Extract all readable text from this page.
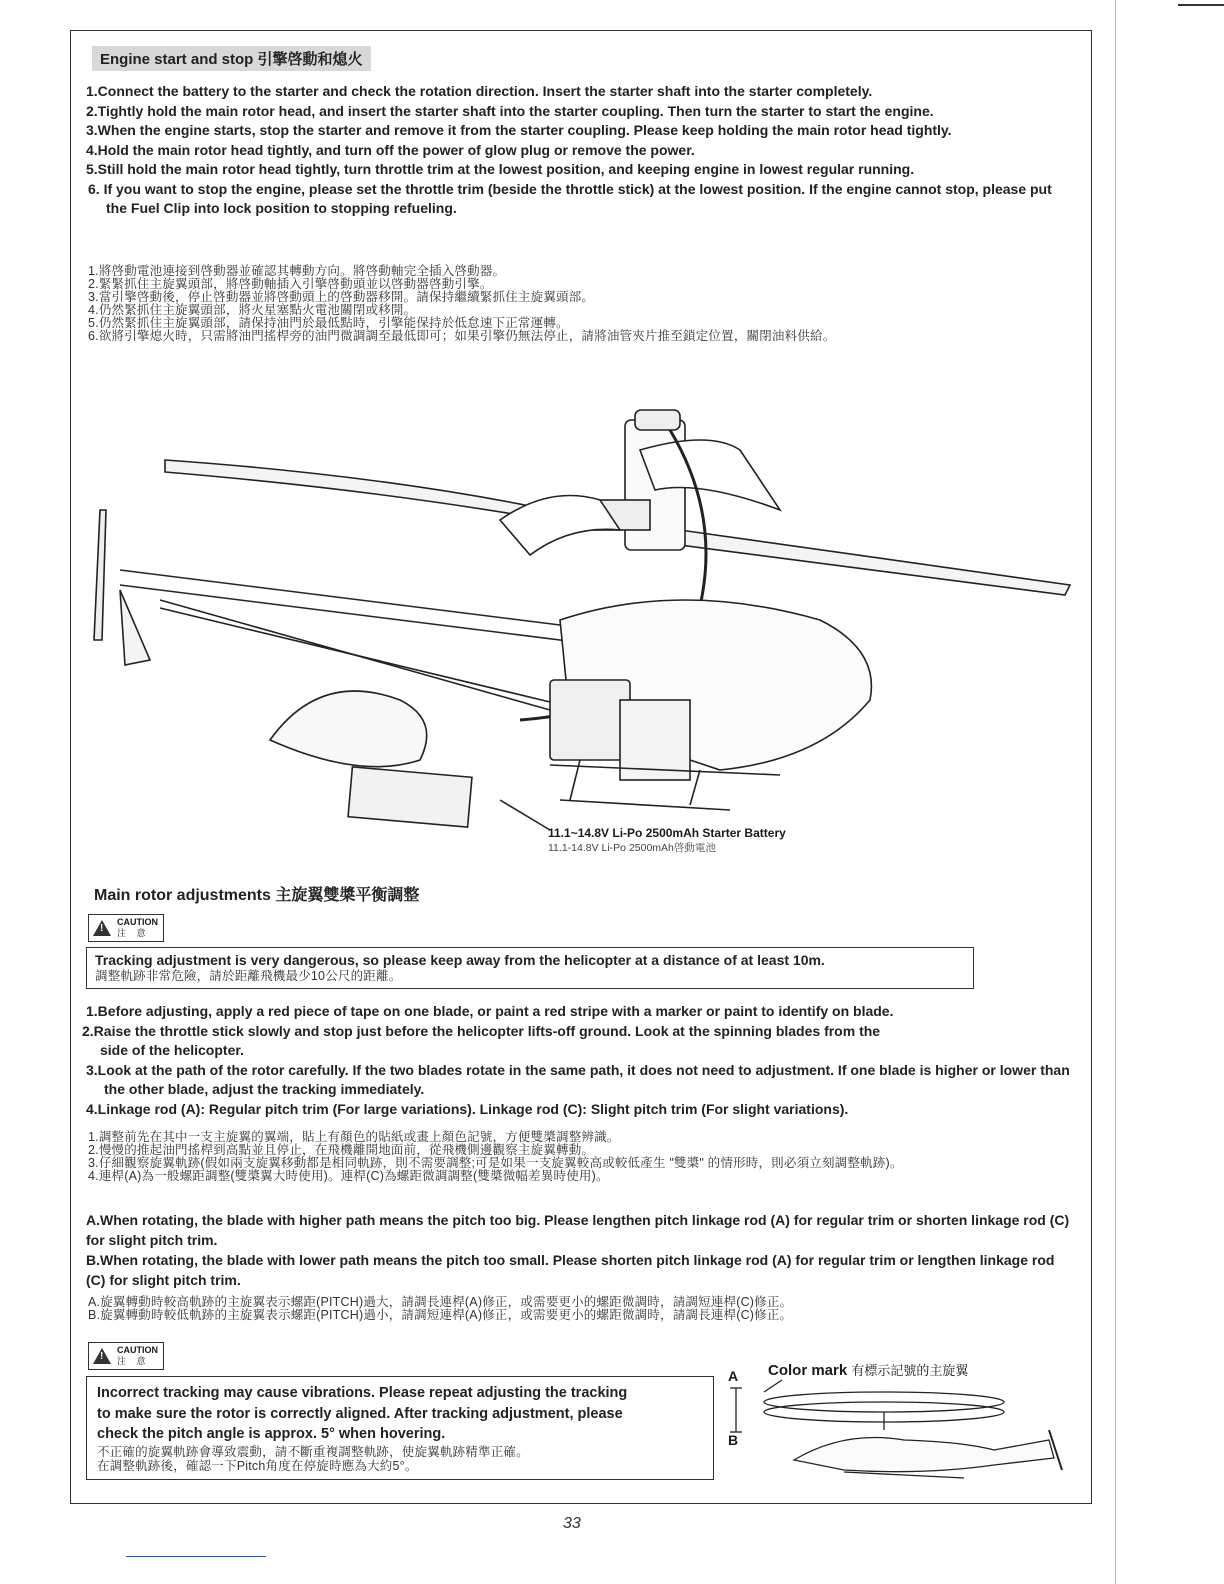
Engine start and stop 引擎啓動和熄火

1.Connect the battery to the starter and check the rotation direction. Insert the starter shaft into the starter completely.

2.Tightly hold the main rotor head, and insert the starter shaft into the starter coupling. Then turn the starter to start the engine.

3.When the engine starts, stop the starter and remove it from the starter coupling. Please keep holding the main rotor head tightly.

4.Hold the main rotor head tightly, and turn off the power of glow plug or remove the power.

5.Still hold the main rotor head tightly, turn throttle trim at the lowest position, and keeping engine in lowest regular running.

6. If you want to stop the engine, please set the throttle trim (beside the throttle stick) at the lowest position. If the engine cannot stop, please put the Fuel Clip into lock position to stopping refueling.

1.將啓動電池連接到啓動器並確認其轉動方向。將啓動軸完全插入啓動器。

2.緊緊抓住主旋翼頭部，將啓動軸插入引擎啓動頭並以啓動器啓動引擎。

3.當引擎啓動後，停止啓動器並將啓動頭上的啓動器移開。請保持繼續緊抓住主旋翼頭部。

4.仍然緊抓住主旋翼頭部，將火星塞點火電池關閉或移開。

5.仍然緊抓住主旋翼頭部，請保持油門於最低點時，引擎能保持於低怠速下正常運轉。

6.欲將引擎熄火時，只需將油門搖桿旁的油門微調調至最低即可；如果引擎仍無法停止，請將油管夾片推至鎖定位置，關閉油料供給。

11.1~14.8V Li-Po 2500mAh Starter Battery
11.1-14.8V Li-Po 2500mAh啓動電池
Main rotor adjustments 主旋翼雙槳平衡調整
!
CAUTION
注 意
Tracking adjustment is very dangerous, so please keep away from the helicopter at a distance of at least 10m.
調整軌跡非常危險，請於距離飛機最少10公尺的距離。

1.Before adjusting, apply a red piece of tape on one blade, or paint a red stripe with a marker or paint to identify on blade.

2.Raise the throttle stick slowly and stop just before the helicopter lifts-off ground. Look at the spinning blades from the side of the helicopter.

3.Look at the path of the rotor carefully. If the two blades rotate in the same path, it does not need to adjustment. If one blade is higher or lower than the other blade, adjust the tracking immediately.

4.Linkage rod (A): Regular pitch trim (For large variations). Linkage rod (C): Slight pitch trim (For slight variations).

1.調整前先在其中一支主旋翼的翼端，貼上有顏色的貼紙或畫上顏色記號，方便雙槳調整辨識。

2.慢慢的推起油門搖桿到高點並且停止，在飛機離開地面前，從飛機側邊觀察主旋翼轉動。

3.仔細觀察旋翼軌跡(假如兩支旋翼移動都是相同軌跡，則不需要調整;可是如果一支旋翼較高或較低產生 "雙槳" 的情形時，則必須立刻調整軌跡)。

4.連桿(A)為一般螺距調整(雙槳翼大時使用)。連桿(C)為螺距微調調整(雙槳微幅差異時使用)。

A.When rotating, the blade with higher path means the pitch too big. Please lengthen pitch linkage rod (A) for regular trim or shorten linkage rod (C) for slight pitch trim.

B.When rotating, the blade with lower path means the pitch too small. Please shorten pitch linkage rod (A) for regular trim or lengthen linkage rod (C) for slight pitch trim.

A.旋翼轉動時較高軌跡的主旋翼表示螺距(PITCH)過大，請調長連桿(A)修正，或需要更小的螺距微調時，請調短連桿(C)修正。

B.旋翼轉動時較低軌跡的主旋翼表示螺距(PITCH)過小，請調短連桿(A)修正，或需要更小的螺距微調時，請調長連桿(C)修正。

!
CAUTION
注 意

Incorrect tracking may cause vibrations. Please repeat adjusting the tracking

to make sure the rotor is correctly aligned. After tracking adjustment, please

check the pitch angle is approx. 5° when hovering.

不正確的旋翼軌跡會導致震動，請不斷重複調整軌跡，使旋翼軌跡精準正確。

在調整軌跡後，確認一下Pitch角度在停旋時應為大約5°。

Color mark 有標示記號的主旋翼
A
B
33
